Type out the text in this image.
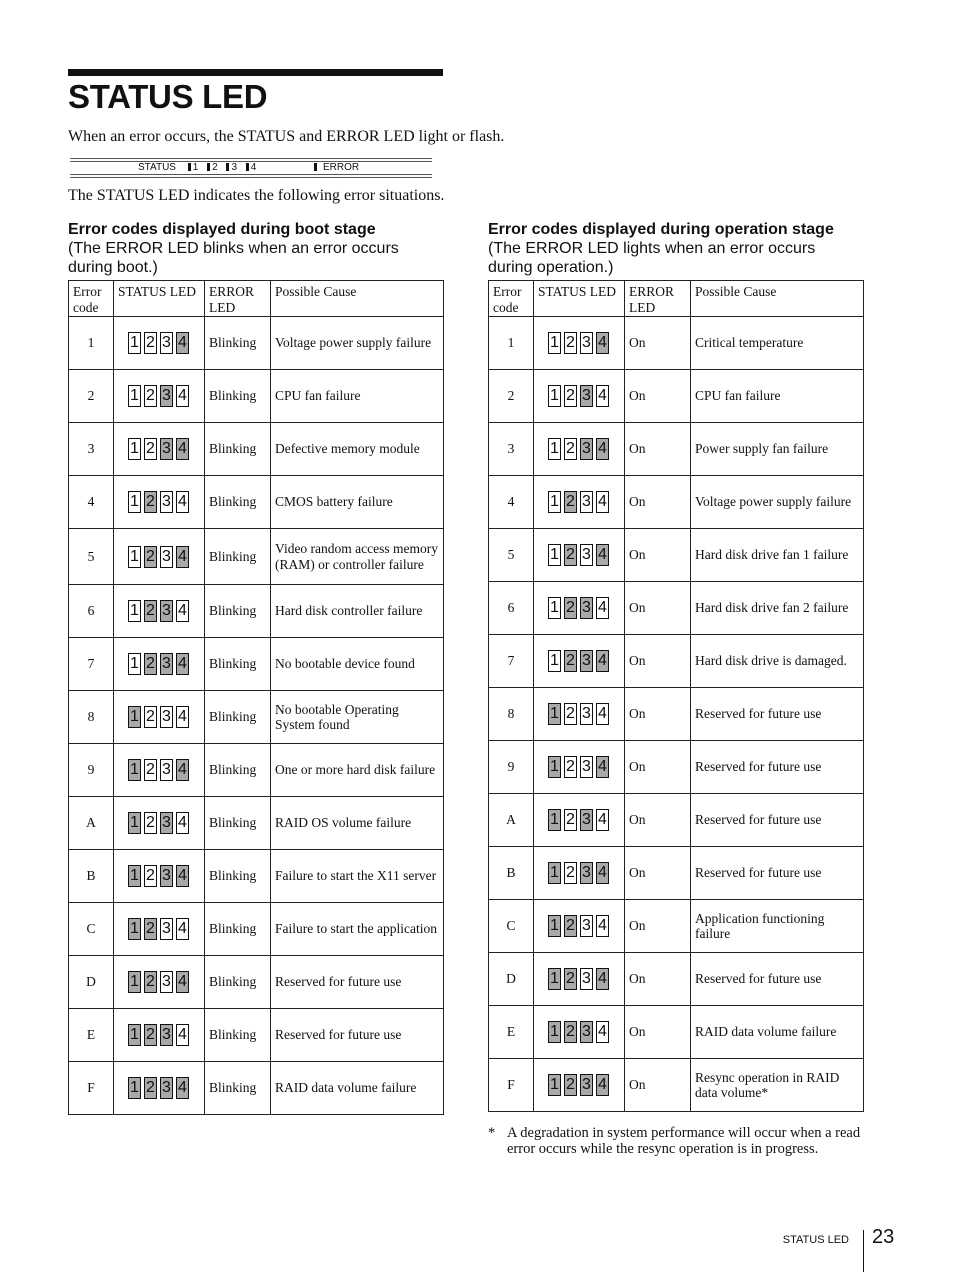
STATUS LED
When an error occurs, the STATUS and ERROR LED light or flash.
STATUS 1 2 3 4	ERROR
The STATUS LED indicates the following error situations.
Error codes displayed during boot stage
(The ERROR LED blinks when an error occurs during boot.)
Error codes displayed during operation stage
(The ERROR LED lights when an error occurs during operation.)
Error code	STATUS LED	ERROR LED	Possible Cause
1	1 2 3 4	Blinking	Voltage power supply failure
2	1 2 3 4	Blinking	CPU fan failure
3	1 2 3 4	Blinking	Defective memory module
4	1 2 3 4	Blinking	CMOS battery failure
5	1 2 3 4	Blinking	Video random access memory (RAM) or controller failure
6	1 2 3 4	Blinking	Hard disk controller failure
7	1 2 3 4	Blinking	No bootable device found
8	1 2 3 4	Blinking	No bootable Operating System found
9	1 2 3 4	Blinking	One or more hard disk failure
A	1 2 3 4	Blinking	RAID OS volume failure
B	1 2 3 4	Blinking	Failure to start the X11 server
C	1 2 3 4	Blinking	Failure to start the application
D	1 2 3 4	Blinking	Reserved for future use
E	1 2 3 4	Blinking	Reserved for future use
F	1 2 3 4	Blinking	RAID data volume failure
Error code	STATUS LED	ERROR LED	Possible Cause
1	1 2 3 4	On	Critical temperature
2	1 2 3 4	On	CPU fan failure
3	1 2 3 4	On	Power supply fan failure
4	1 2 3 4	On	Voltage power supply failure
5	1 2 3 4	On	Hard disk drive fan 1 failure
6	1 2 3 4	On	Hard disk drive fan 2 failure
7	1 2 3 4	On	Hard disk drive is damaged.
8	1 2 3 4	On	Reserved for future use
9	1 2 3 4	On	Reserved for future use
A	1 2 3 4	On	Reserved for future use
B	1 2 3 4	On	Reserved for future use
C	1 2 3 4	On	Application functioning failure
D	1 2 3 4	On	Reserved for future use
E	1 2 3 4	On	RAID data volume failure
F	1 2 3 4	On	Resync operation in RAID data volume*
* A degradation in system performance will occur when a read error occurs while the resync operation is in progress.
STATUS LED 23
